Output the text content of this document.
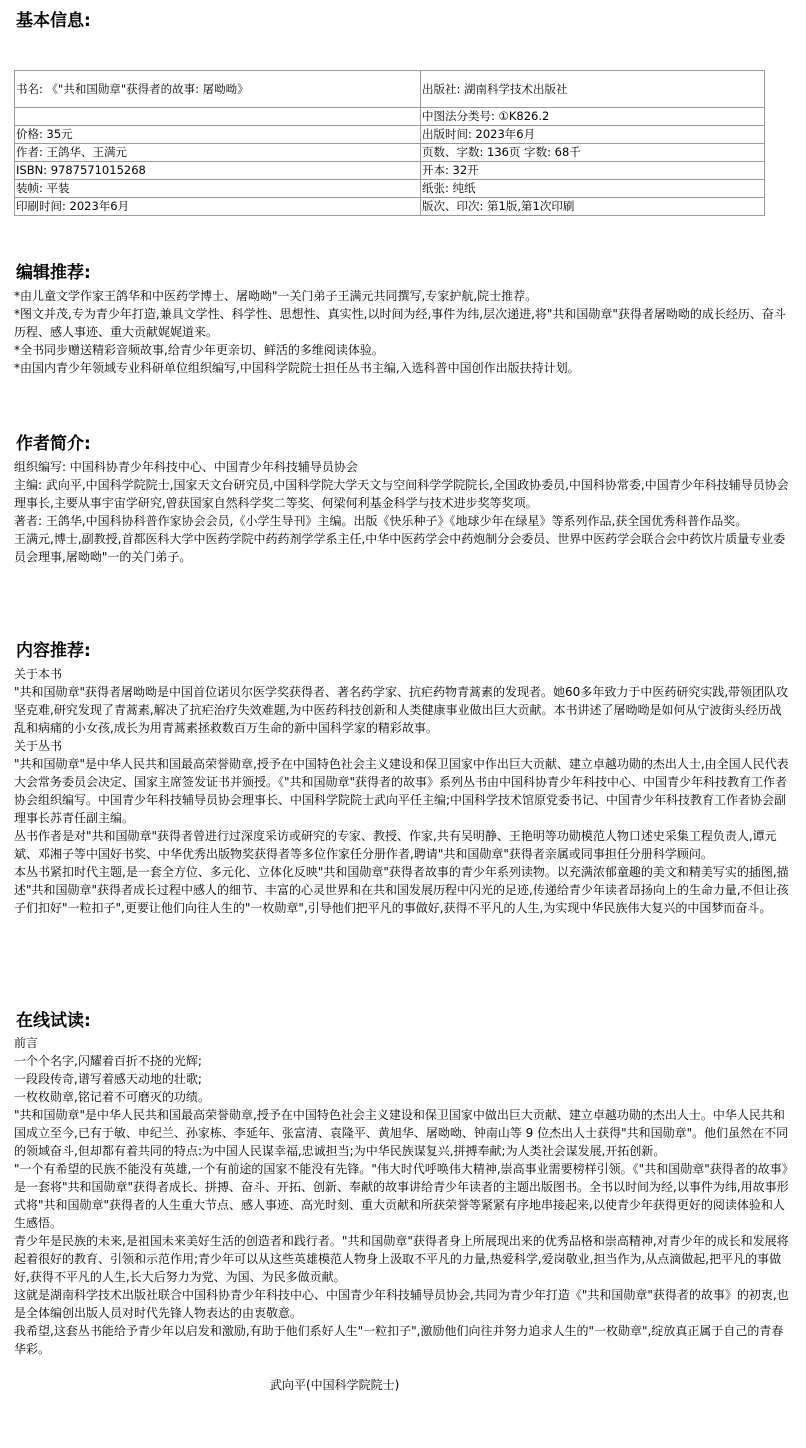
基本信息:
书名: 《"共和国勋章"获得者的故事: 屠呦呦》	出版社: 湖南科学技术出版社
	中图法分类号: ①K826.2
价格: 35元	出版时间: 2023年6月
作者: 王鸽华、王满元	页数、字数: 136页 字数: 68千
ISBN: 9787571015268	开本: 32开
装帧: 平装	纸张: 纯纸
印刷时间: 2023年6月	版次、印次: 第1版,第1次印刷
编辑推荐:

*由儿童文学作家王鸽华和中医药学博士、屠呦呦"一关门弟子王满元共同撰写,专家护航,院士推荐。

*图文并茂,专为青少年打造,兼具文学性、科学性、思想性、真实性,以时间为经,事件为纬,层次递进,将"共和国勋章"获得者屠呦呦的成长经历、奋斗历程、感人事迹、重大贡献娓娓道来。

*全书同步赠送精彩音频故事,给青少年更亲切、鲜活的多维阅读体验。

*由国内青少年领域专业科研单位组织编写,中国科学院院士担任丛书主编,入选科普中国创作出版扶持计划。

作者简介:

组织编写: 中国科协青少年科技中心、中国青少年科技辅导员协会

主编: 武向平,中国科学院院士,国家天文台研究员,中国科学院大学天文与空间科学学院院长,全国政协委员,中国科协常委,中国青少年科技辅导员协会理事长,主要从事宇宙学研究,曾获国家自然科学奖二等奖、何梁何利基金科学与技术进步奖等奖项。

著者: 王鸽华,中国科协科普作家协会会员,《小学生导刊》主编。出版《快乐种子》《地球少年在绿星》等系列作品,获全国优秀科普作品奖。

王满元,博士,副教授,首都医科大学中医药学院中药药剂学学系主任,中华中医药学会中药炮制分会委员、世界中医药学会联合会中药饮片质量专业委员会理事,屠呦呦"一的关门弟子。

内容推荐:

关于本书

"共和国勋章"获得者屠呦呦是中国首位诺贝尔医学奖获得者、著名药学家、抗疟药物青蒿素的发现者。她60多年致力于中医药研究实践,带领团队攻坚克难,研究发现了青蒿素,解决了抗疟治疗失效难题,为中医药科技创新和人类健康事业做出巨大贡献。本书讲述了屠呦呦是如何从宁波街头经历战乱和病痛的小女孩,成长为用青蒿素拯救数百万生命的新中国科学家的精彩故事。

关于丛书

"共和国勋章"是中华人民共和国最高荣誉勋章,授予在中国特色社会主义建设和保卫国家中作出巨大贡献、建立卓越功勋的杰出人士,由全国人民代表大会常务委员会决定、国家主席签发证书并颁授。《"共和国勋章"获得者的故事》系列丛书由中国科协青少年科技中心、中国青少年科技教育工作者协会组织编写。中国青少年科技辅导员协会理事长、中国科学院院士武向平任主编;中国科学技术馆原党委书记、中国青少年科技教育工作者协会副理事长苏青任副主编。

丛书作者是对"共和国勋章"获得者曾进行过深度采访或研究的专家、教授、作家,共有吴明静、王艳明等功勋模范人物口述史采集工程负责人,谭元斌、邓湘子等中国好书奖、中华优秀出版物奖获得者等多位作家任分册作者,聘请"共和国勋章"获得者亲属或同事担任分册科学顾问。

本丛书紧扣时代主题,是一套全方位、多元化、立体化反映"共和国勋章"获得者故事的青少年系列读物。以充满浓郁童趣的美文和精美写实的插图,描述"共和国勋章"获得者成长过程中感人的细节、丰富的心灵世界和在共和国发展历程中闪光的足迹,传递给青少年读者昂扬向上的生命力量,不但让孩子们扣好"一粒扣子",更要让他们向往人生的"一枚勋章",引导他们把平凡的事做好,获得不平凡的人生,为实现中华民族伟大复兴的中国梦而奋斗。

在线试读:

前言

一个个名字,闪耀着百折不挠的光辉;

一段段传奇,谱写着感天动地的壮歌;

一枚枚勋章,铭记着不可磨灭的功绩。

"共和国勋章"是中华人民共和国最高荣誉勋章,授予在中国特色社会主义建设和保卫国家中做出巨大贡献、建立卓越功勋的杰出人士。中华人民共和国成立至今,已有于敏、申纪兰、孙家栋、李延年、张富清、袁隆平、黄旭华、屠呦呦、钟南山等 9 位杰出人士获得"共和国勋章"。他们虽然在不同的领域奋斗,但却都有着共同的特点:为中国人民谋幸福,忠诚担当;为中华民族谋复兴,拼搏奉献;为人类社会谋发展,开拓创新。

"一个有希望的民族不能没有英雄,一个有前途的国家不能没有先锋。"伟大时代呼唤伟大精神,崇高事业需要榜样引领。《"共和国勋章"获得者的故事》是一套将"共和国勋章"获得者成长、拼搏、奋斗、开拓、创新、奉献的故事讲给青少年读者的主题出版图书。全书以时间为经,以事件为纬,用故事形式将"共和国勋章"获得者的人生重大节点、感人事迹、高光时刻、重大贡献和所获荣誉等紧紧有序地串接起来,以使青少年获得更好的阅读体验和人生感悟。

青少年是民族的未来,是祖国未来美好生活的创造者和践行者。"共和国勋章"获得者身上所展现出来的优秀品格和崇高精神,对青少年的成长和发展将起着很好的教育、引领和示范作用;青少年可以从这些英雄模范人物身上汲取不平凡的力量,热爱科学,爱岗敬业,担当作为,从点滴做起,把平凡的事做好,获得不平凡的人生,长大后努力为党、为国、为民多做贡献。

这就是湖南科学技术出版社联合中国科协青少年科技中心、中国青少年科技辅导员协会,共同为青少年打造《"共和国勋章"获得者的故事》的初衷,也是全体编创出版人员对时代先锋人物表达的由衷敬意。

我希望,这套丛书能给予青少年以启发和激励,有助于他们系好人生"一粒扣子",激励他们向往并努力追求人生的"一枚勋章",绽放真正属于自己的青春华彩。

武向平(中国科学院院士)
